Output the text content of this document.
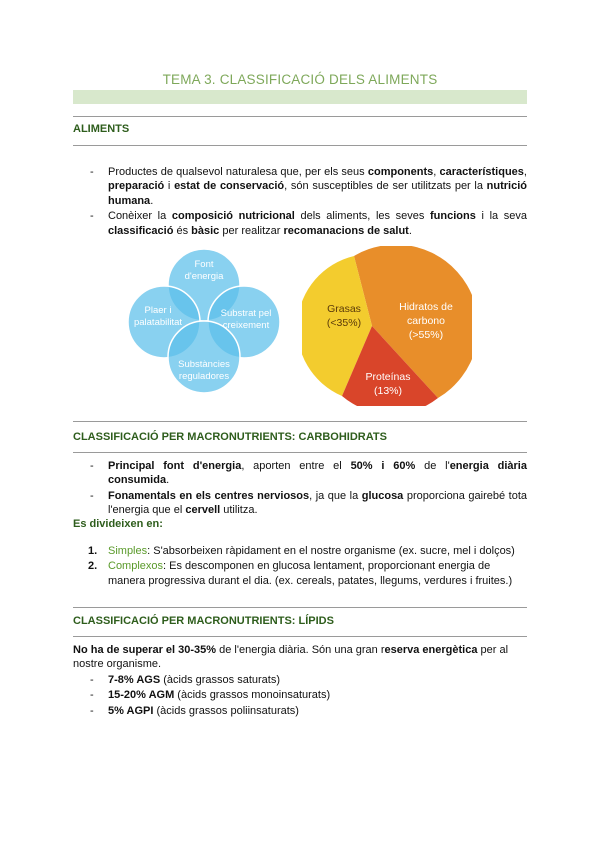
TEMA 3. CLASSIFICACIÓ DELS ALIMENTS
ALIMENTS
- Productes de qualsevol naturalesa que, per els seus components, característiques, preparació i estat de conservació, són susceptibles de ser utilitzats per la nutrició humana.
- Conèixer la composició nutricional dels aliments, les seves funcions i la seva classificació és bàsic per realitzar recomanacions de salut.
Font d'energia
Plaer i palatabilitat
Substrat pel creixement
Substàncies reguladores
Grasas (<35%)
Hidratos de carbono (>55%)
Proteínas (13%)
CLASSIFICACIÓ PER MACRONUTRIENTS: CARBOHIDRATS
- Principal font d'energia, aporten entre el 50% i 60% de l'energia diària consumida.
- Fonamentals en els centres nerviosos, ja que la glucosa proporciona gairebé tota l'energia que el cervell utilitza.
Es divideixen en:
1. Simples: S'absorbeixen ràpidament en el nostre organisme (ex. sucre, mel i dolços)
2. Complexos: Es descomponen en glucosa lentament, proporcionant energia de manera progressiva durant el dia. (ex. cereals, patates, llegums, verdures i fruites.)
CLASSIFICACIÓ PER MACRONUTRIENTS: LÍPIDS
No ha de superar el 30-35% de l'energia diària. Són una gran reserva energètica per al nostre organisme.
- 7-8% AGS (àcids grassos saturats)
- 15-20% AGM (àcids grassos monoinsaturats)
- 5% AGPI (àcids grassos poliinsaturats)
